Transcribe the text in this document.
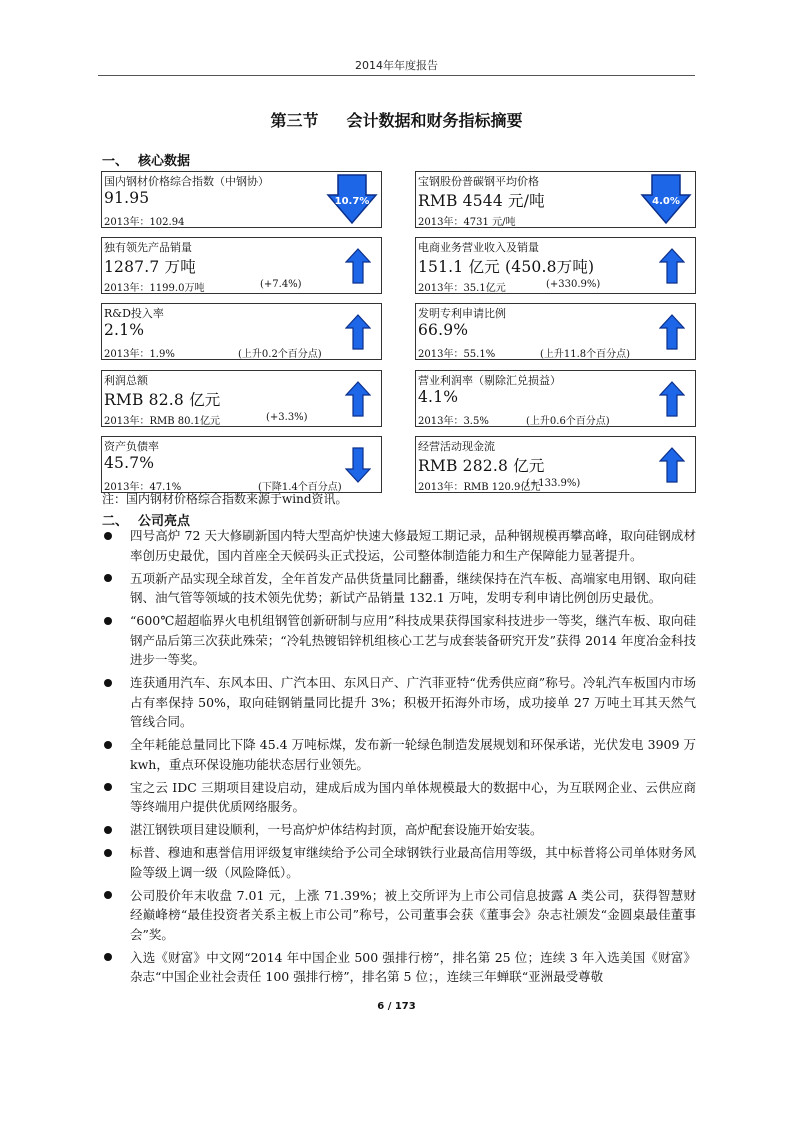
2014年年度报告
第三节 会计数据和财务指标摘要
一、 核心数据
国内钢材价格综合指数（中钢协）
91.95
2013年：102.94
10.7%
宝钢股份普碳钢平均价格
RMB 4544 元/吨
2013年：4731 元/吨
4.0%
独有领先产品销量
1287.7 万吨
2013年：1199.0万吨	(+7.4%)
电商业务营业收入及销量
151.1 亿元 (450.8万吨)
2013年：35.1亿元	(+330.9%)
R&D投入率
2.1%
2013年：1.9%	(上升0.2个百分点)
发明专利申请比例
66.9%
2013年：55.1%	(上升11.8个百分点)
利润总额
RMB 82.8 亿元
2013年：RMB 80.1亿元	(+3.3%)
营业利润率（剔除汇兑损益）
4.1%
2013年：3.5%	(上升0.6个百分点)
资产负债率
45.7%
2013年：47.1%	(下降1.4个百分点)
经营活动现金流
RMB 282.8 亿元
2013年：RMB 120.9亿元
(+133.9%)
注：国内钢材价格综合指数来源于wind资讯。
二、 公司亮点
四号高炉 72 天大修刷新国内特大型高炉快速大修最短工期记录，品种钢规模再攀高峰，取向硅钢成材率创历史最优，国内首座全天候码头正式投运，公司整体制造能力和生产保障能力显著提升。
五项新产品实现全球首发，全年首发产品供货量同比翻番，继续保持在汽车板、高端家电用钢、取向硅钢、油气管等领域的技术领先优势；新试产品销量 132.1 万吨，发明专利申请比例创历史最优。
“600℃超超临界火电机组钢管创新研制与应用”科技成果获得国家科技进步一等奖，继汽车板、取向硅钢产品后第三次获此殊荣；“冷轧热镀铝锌机组核心工艺与成套装备研究开发”获得 2014 年度冶金科技进步一等奖。
连获通用汽车、东风本田、广汽本田、东风日产、广汽菲亚特“优秀供应商”称号。冷轧汽车板国内市场占有率保持 50%，取向硅钢销量同比提升 3%；积极开拓海外市场，成功接单 27 万吨土耳其天然气管线合同。
全年耗能总量同比下降 45.4 万吨标煤，发布新一轮绿色制造发展规划和环保承诺，光伏发电 3909 万 kwh，重点环保设施功能状态居行业领先。
宝之云 IDC 三期项目建设启动，建成后成为国内单体规模最大的数据中心，为互联网企业、云供应商等终端用户提供优质网络服务。
湛江钢铁项目建设顺利，一号高炉炉体结构封顶，高炉配套设施开始安装。
标普、穆迪和惠誉信用评级复审继续给予公司全球钢铁行业最高信用等级，其中标普将公司单体财务风险等级上调一级（风险降低）。
公司股价年末收盘 7.01 元，上涨 71.39%；被上交所评为上市公司信息披露 A 类公司，获得智慧财经巅峰榜“最佳投资者关系主板上市公司”称号，公司董事会获《董事会》杂志社颁发“金圆桌最佳董事会”奖。
入选《财富》中文网“2014 年中国企业 500 强排行榜”，排名第 25 位；连续 3 年入选美国《财富》杂志“中国企业社会责任 100 强排行榜”，排名第 5 位；，连续三年蝉联“亚洲最受尊敬
6 / 173
